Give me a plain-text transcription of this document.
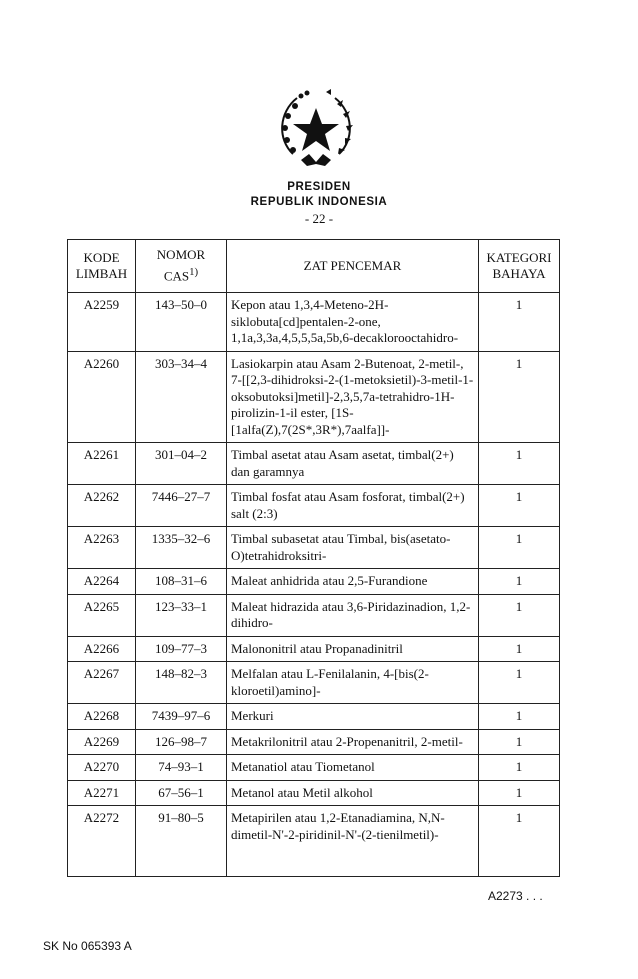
PRESIDEN
REPUBLIK INDONESIA
- 22 -
KODE LIMBAH	NOMOR CAS$^{1)}$	ZAT PENCEMAR	KATEGORI BAHAYA
A2259	143–50–0	Kepon atau 1,3,4-Meteno-2H-siklobuta[cd]pentalen-2-one, 1,1a,3,3a,4,5,5,5a,5b,6-decaklorooctahidro-	1
A2260	303–34–4	Lasiokarpin atau Asam 2-Butenoat, 2-metil-, 7-[[2,3-dihidroksi-2-(1-metoksietil)-3-metil-1-oksobutoksi]metil]-2,3,5,7a-tetrahidro-1H-pirolizin-1-il ester, [1S-[1alfa(Z),7(2S*,3R*),7aalfa]]-	1
A2261	301–04–2	Timbal asetat atau Asam asetat, timbal(2+) dan garamnya	1
A2262	7446–27–7	Timbal fosfat atau Asam fosforat, timbal(2+) salt (2:3)	1
A2263	1335–32–6	Timbal subasetat atau Timbal, bis(asetato-O)tetrahidroksitri-	1
A2264	108–31–6	Maleat anhidrida atau 2,5-Furandione	1
A2265	123–33–1	Maleat hidrazida atau 3,6-Piridazinadion, 1,2-dihidro-	1
A2266	109–77–3	Malononitril atau Propanadinitril	1
A2267	148–82–3	Melfalan atau L-Fenilalanin, 4-[bis(2-kloroetil)amino]-	1
A2268	7439–97–6	Merkuri	1
A2269	126–98–7	Metakrilonitril atau 2-Propenanitril, 2-metil-	1
A2270	74–93–1	Metanatiol atau Tiometanol	1
A2271	67–56–1	Metanol atau Metil alkohol	1
A2272	91–80–5	Metapirilen atau 1,2-Etanadiamina, N,N-dimetil-N'-2-piridinil-N'-(2-tienilmetil)-	1
A2273 . . .
SK No 065393 A
